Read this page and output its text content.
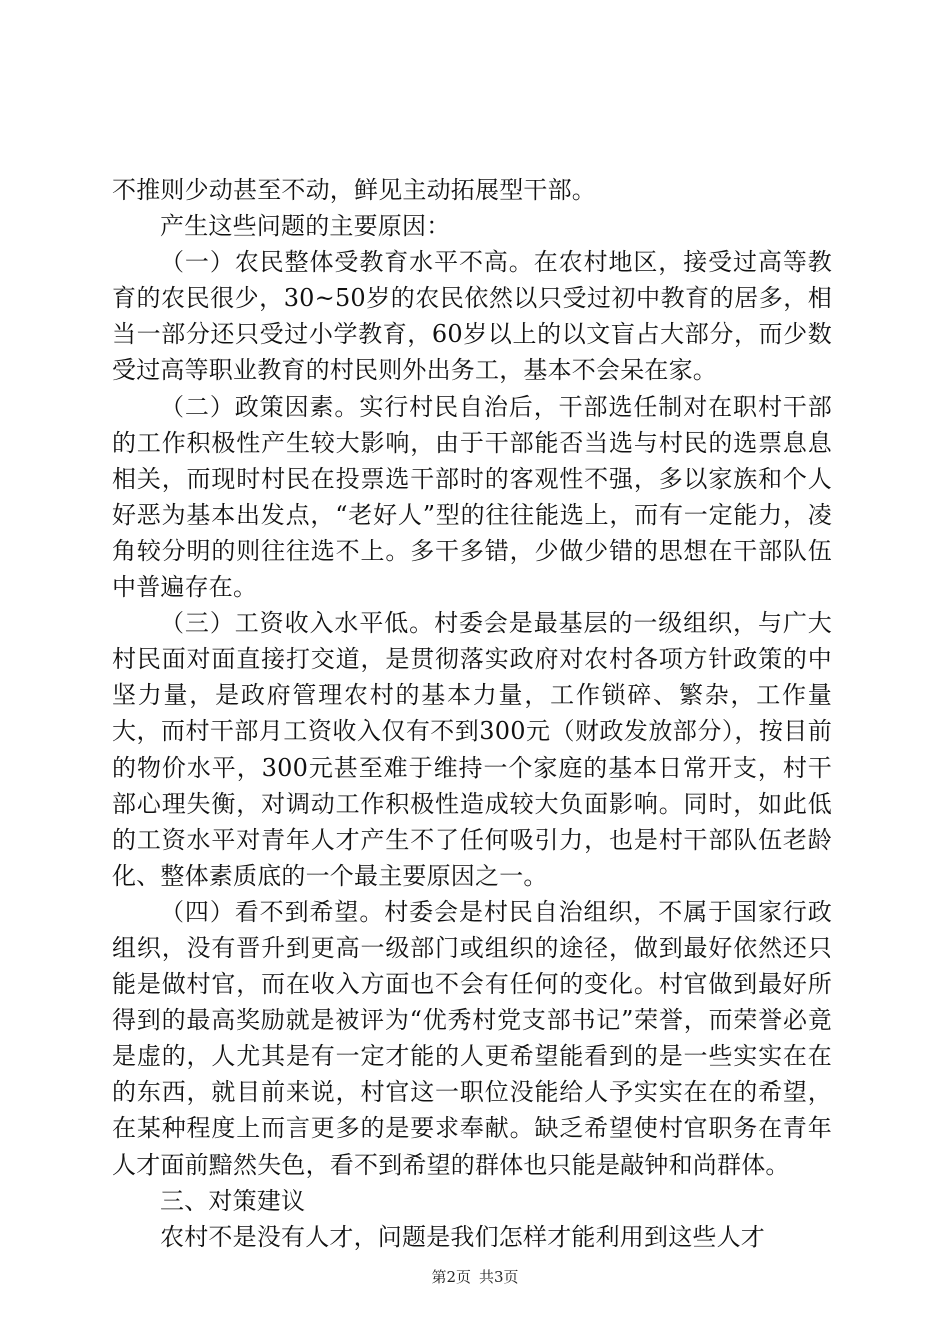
不推则少动甚至不动，鲜见主动拓展型干部。

产生这些问题的主要原因：

（一）农民整体受教育水平不高。在农村地区，接受过高等教育的农民很少，30~50岁的农民依然以只受过初中教育的居多，相当一部分还只受过小学教育，60岁以上的以文盲占大部分，而少数受过高等职业教育的村民则外出务工，基本不会呆在家。

（二）政策因素。实行村民自治后，干部选任制对在职村干部的工作积极性产生较大影响，由于干部能否当选与村民的选票息息相关，而现时村民在投票选干部时的客观性不强，多以家族和个人好恶为基本出发点，“老好人”型的往往能选上，而有一定能力，凌角较分明的则往往选不上。多干多错，少做少错的思想在干部队伍中普遍存在。

（三）工资收入水平低。村委会是最基层的一级组织，与广大村民面对面直接打交道，是贯彻落实政府对农村各项方针政策的中坚力量，是政府管理农村的基本力量，工作锁碎、繁杂，工作量大，而村干部月工资收入仅有不到300元（财政发放部分），按目前的物价水平，300元甚至难于维持一个家庭的基本日常开支，村干部心理失衡，对调动工作积极性造成较大负面影响。同时，如此低的工资水平对青年人才产生不了任何吸引力，也是村干部队伍老龄化、整体素质底的一个最主要原因之一。

（四）看不到希望。村委会是村民自治组织，不属于国家行政组织，没有晋升到更高一级部门或组织的途径，做到最好依然还只能是做村官，而在收入方面也不会有任何的变化。村官做到最好所得到的最高奖励就是被评为“优秀村党支部书记”荣誉，而荣誉必竟是虚的，人尤其是有一定才能的人更希望能看到的是一些实实在在的东西，就目前来说，村官这一职位没能给人予实实在在的希望，在某种程度上而言更多的是要求奉献。缺乏希望使村官职务在青年人才面前黯然失色，看不到希望的群体也只能是敲钟和尚群体。

三、对策建议

农村不是没有人才，问题是我们怎样才能利用到这些人才

第2页 共3页
